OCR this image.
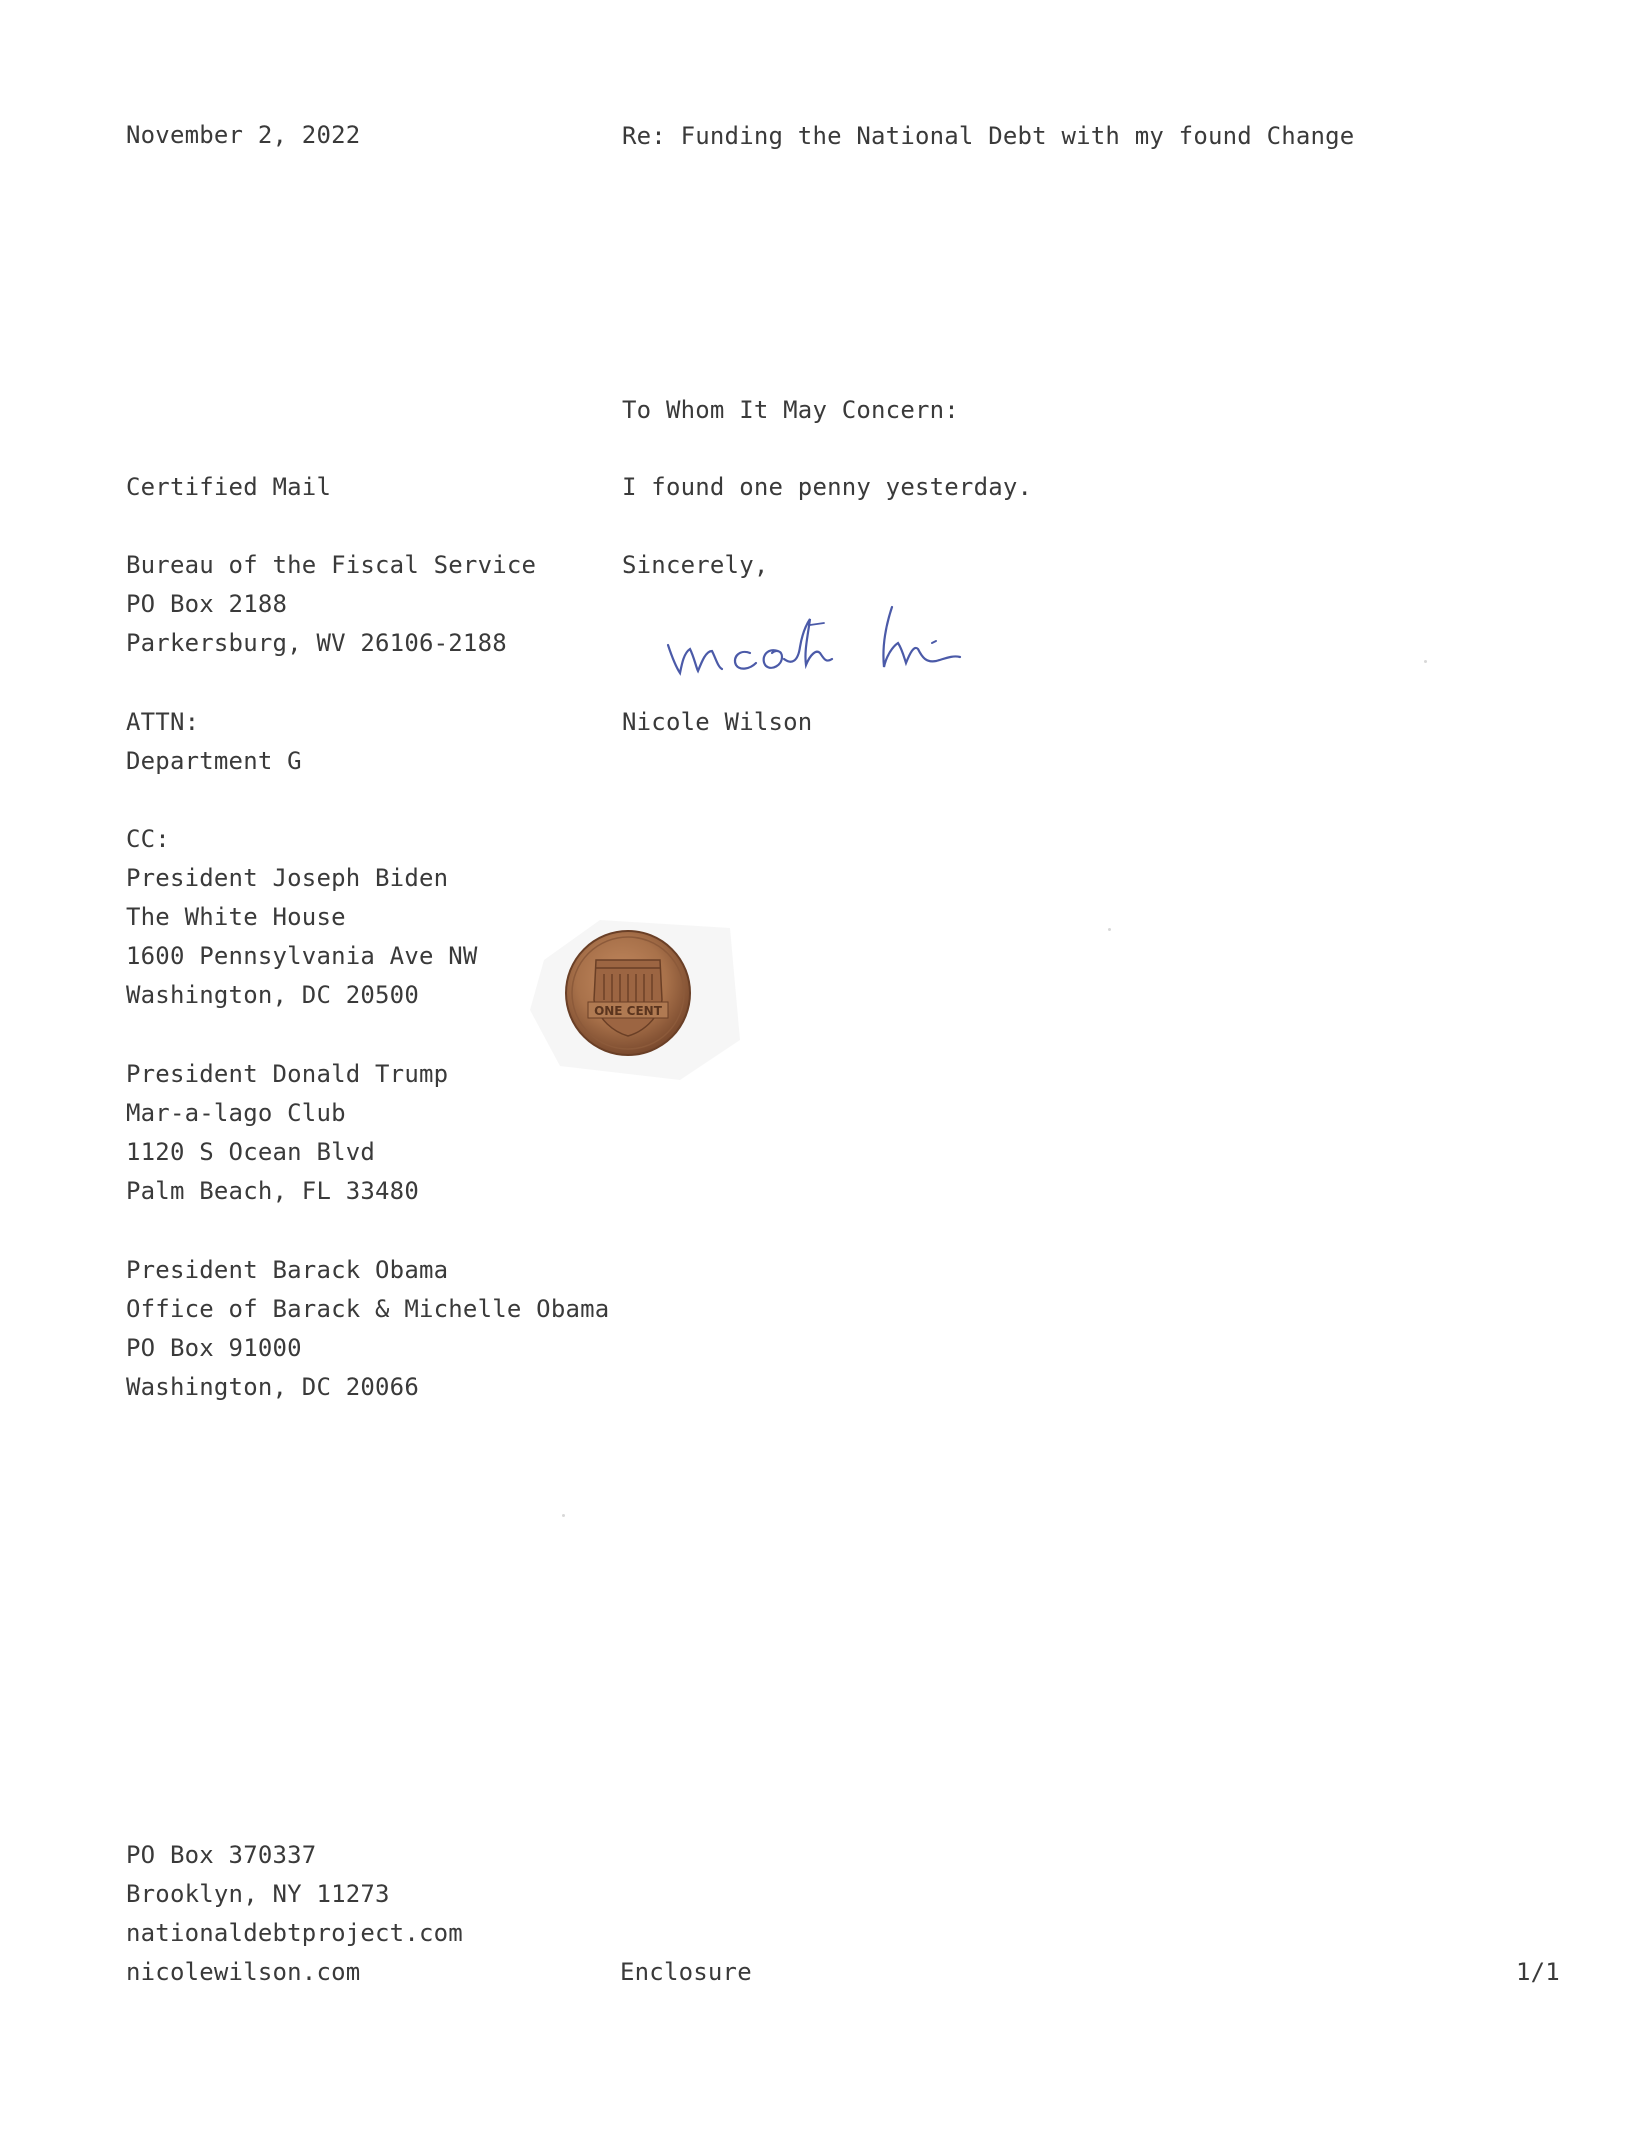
November 2, 2022	Re: Funding the National Debt with my found Change
To Whom It May Concern:
I found one penny yesterday.
Sincerely,
Nicole Wilson
Certified Mail
Bureau of the Fiscal Service
PO Box 2188
Parkersburg, WV 26106-2188
ATTN:
Department G
CC:
President Joseph Biden
The White House
1600 Pennsylvania Ave NW
Washington, DC 20500
President Donald Trump
Mar-a-lago Club
1120 S Ocean Blvd
Palm Beach, FL 33480
President Barack Obama
Office of Barack & Michelle Obama
PO Box 91000
Washington, DC 20066
ONE CENT
PO Box 370337
Brooklyn, NY 11273
nationaldebtproject.com
nicolewilson.com	Enclosure	1/1
